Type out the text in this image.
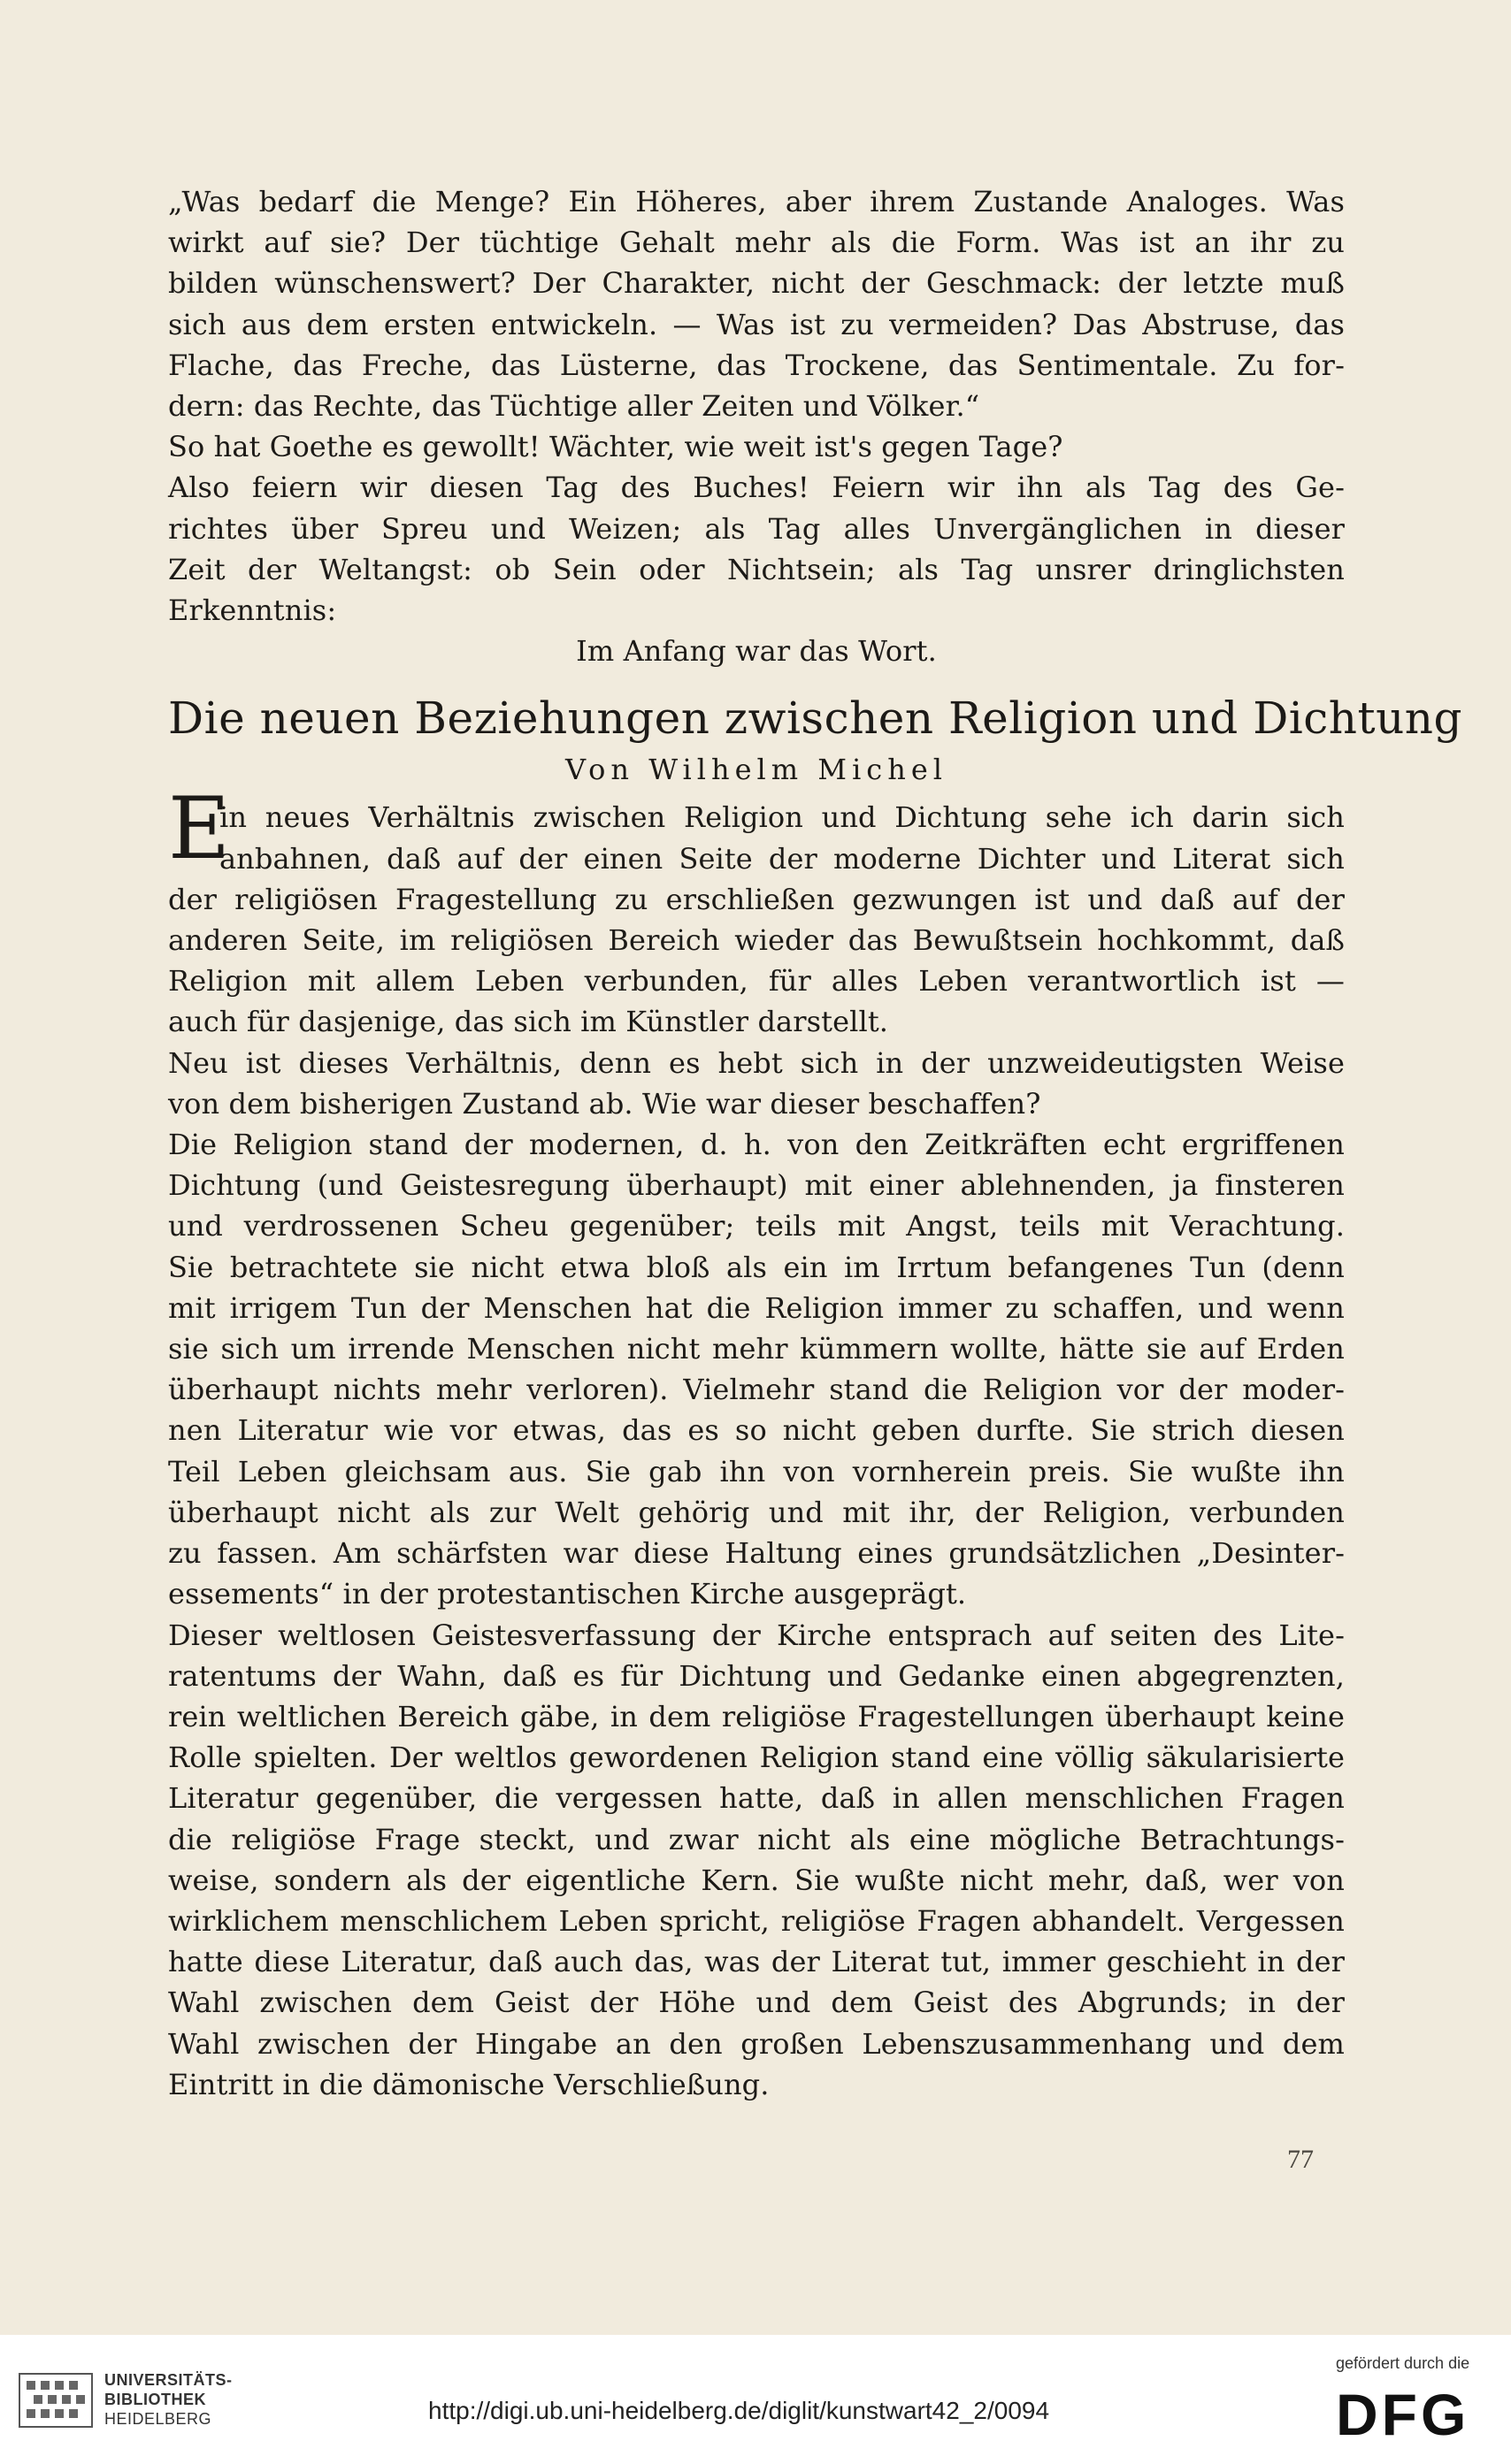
„Was bedarf die Menge? Ein Höheres, aber ihrem Zustande Analoges. Was
wirkt auf sie? Der tüchtige Gehalt mehr als die Form. Was ist an ihr zu
bilden wünschenswert? Der Charakter, nicht der Geschmack: der letzte muß
sich aus dem ersten entwickeln. — Was ist zu vermeiden? Das Abstruse, das
Flache, das Freche, das Lüsterne, das Trockene, das Sentimentale. Zu for-
dern: das Rechte, das Tüchtige aller Zeiten und Völker.“
So hat Goethe es gewollt! Wächter, wie weit ist's gegen Tage?
Also feiern wir diesen Tag des Buches! Feiern wir ihn als Tag des Ge-
richtes über Spreu und Weizen; als Tag alles Unvergänglichen in dieser
Zeit der Weltangst: ob Sein oder Nichtsein; als Tag unsrer dringlichsten
Erkenntnis:
Im Anfang war das Wort.
Die neuen Beziehungen zwischen Religion und Dichtung
Von Wilhelm Michel
E
in neues Verhältnis zwischen Religion und Dichtung sehe ich darin sich
anbahnen, daß auf der einen Seite der moderne Dichter und Literat sich
der religiösen Fragestellung zu erschließen gezwungen ist und daß auf der
anderen Seite, im religiösen Bereich wieder das Bewußtsein hochkommt, daß
Religion mit allem Leben verbunden, für alles Leben verantwortlich ist —
auch für dasjenige, das sich im Künstler darstellt.
Neu ist dieses Verhältnis, denn es hebt sich in der unzweideutigsten Weise
von dem bisherigen Zustand ab. Wie war dieser beschaffen?
Die Religion stand der modernen, d. h. von den Zeitkräften echt ergriffenen
Dichtung (und Geistesregung überhaupt) mit einer ablehnenden, ja finsteren
und verdrossenen Scheu gegenüber; teils mit Angst, teils mit Verachtung.
Sie betrachtete sie nicht etwa bloß als ein im Irrtum befangenes Tun (denn
mit irrigem Tun der Menschen hat die Religion immer zu schaffen, und wenn
sie sich um irrende Menschen nicht mehr kümmern wollte, hätte sie auf Erden
überhaupt nichts mehr verloren). Vielmehr stand die Religion vor der moder-
nen Literatur wie vor etwas, das es so nicht geben durfte. Sie strich diesen
Teil Leben gleichsam aus. Sie gab ihn von vornherein preis. Sie wußte ihn
überhaupt nicht als zur Welt gehörig und mit ihr, der Religion, verbunden
zu fassen. Am schärfsten war diese Haltung eines grundsätzlichen „Desinter-
essements“ in der protestantischen Kirche ausgeprägt.
Dieser weltlosen Geistesverfassung der Kirche entsprach auf seiten des Lite-
ratentums der Wahn, daß es für Dichtung und Gedanke einen abgegrenzten,
rein weltlichen Bereich gäbe, in dem religiöse Fragestellungen überhaupt keine
Rolle spielten. Der weltlos gewordenen Religion stand eine völlig säkularisierte
Literatur gegenüber, die vergessen hatte, daß in allen menschlichen Fragen
die religiöse Frage steckt, und zwar nicht als eine mögliche Betrachtungs-
weise, sondern als der eigentliche Kern. Sie wußte nicht mehr, daß, wer von
wirklichem menschlichem Leben spricht, religiöse Fragen abhandelt. Vergessen
hatte diese Literatur, daß auch das, was der Literat tut, immer geschieht in der
Wahl zwischen dem Geist der Höhe und dem Geist des Abgrunds; in der
Wahl zwischen der Hingabe an den großen Lebenszusammenhang und dem
Eintritt in die dämonische Verschließung.
77
UNIVERSITÄTS-
BIBLIOTHEK
HEIDELBERG	http://digi.ub.uni-heidelberg.de/diglit/kunstwart42_2/0094
gefördert durch die
DFG
